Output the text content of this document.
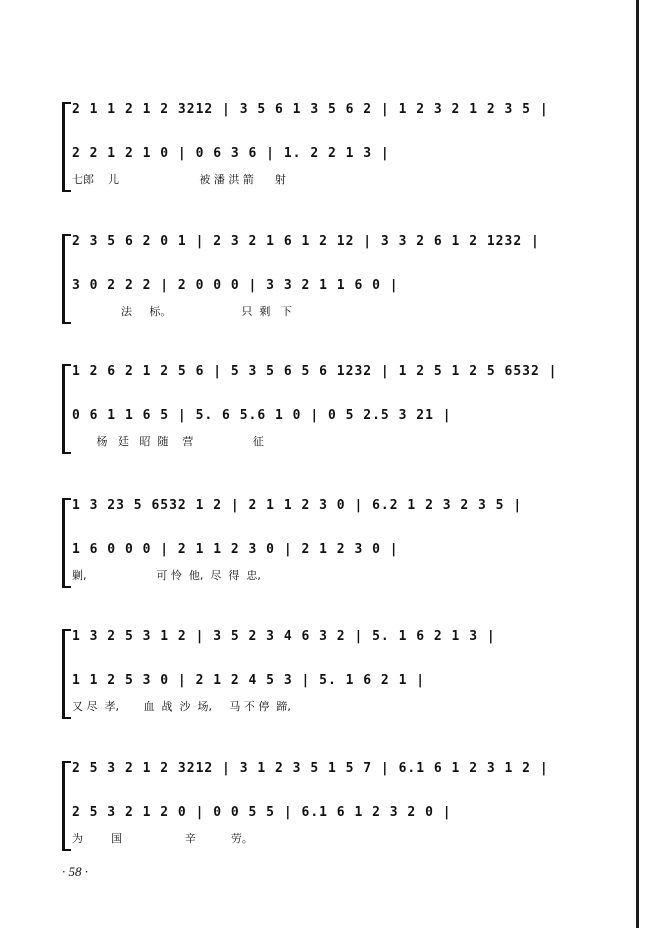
2 1 1 2 1 2 3212 | 3 5 6 1 3 5 6 2 | 1 2 3 2 1 2 3 5 |
2 2 1 2 1 0 | 0 6 3 6 | 1. 2 2 1 3 |
七郎    儿                       被 潘 洪 箭      射
2 3 5 6 2 0 1 | 2 3 2 1 6 1 2 12 | 3 3 2 6 1 2 1232 |
3 0 2 2 2 | 2 0 0 0 | 3 3 2 1 1 6 0 |
法     标。                    只  剩   下
1 2 6 2 1 2 5 6 | 5 3 5 6 5 6 1232 | 1 2 5 1 2 5 6532 |
0 6 1 1 6 5 | 5. 6 5.6 1 0 | 0 5 2.5 3 21 |
杨   廷   昭  随    营                 征
1 3 23 5 6532 1 2 | 2 1 1 2 3 0 | 6.2 1 2 3 2 3 5 |
1 6 0 0 0 | 2 1 1 2 3 0 | 2 1 2 3 0 |
剿,                    可 怜  他,  尽  得  忠,
1 3 2 5 3 1 2 | 3 5 2 3 4 6 3 2 | 5. 1 6 2 1 3 |
1 1 2 5 3 0 | 2 1 2 4 5 3 | 5. 1 6 2 1 |
又 尽  孝,       血  战  沙  场,     马 不 停  蹄,
2 5 3 2 1 2 3212 | 3 1 2 3 5 1 5 7 | 6.1 6 1 2 3 1 2 |
2 5 3 2 1 2 0 | 0 0 5 5 | 6.1 6 1 2 3 2 0 |
为        国                  辛          劳。
· 58 ·
